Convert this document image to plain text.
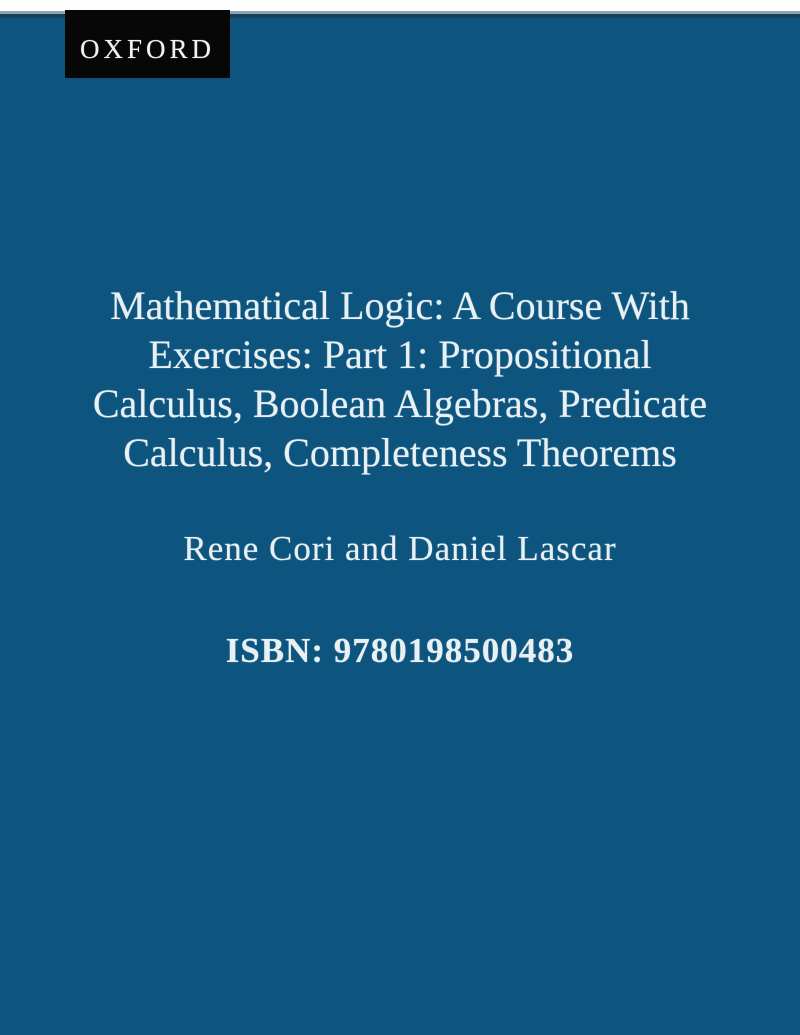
OXFORD
Mathematical Logic: A Course With
Exercises: Part 1: Propositional
Calculus, Boolean Algebras, Predicate
Calculus, Completeness Theorems
Rene Cori and Daniel Lascar
ISBN: 9780198500483
